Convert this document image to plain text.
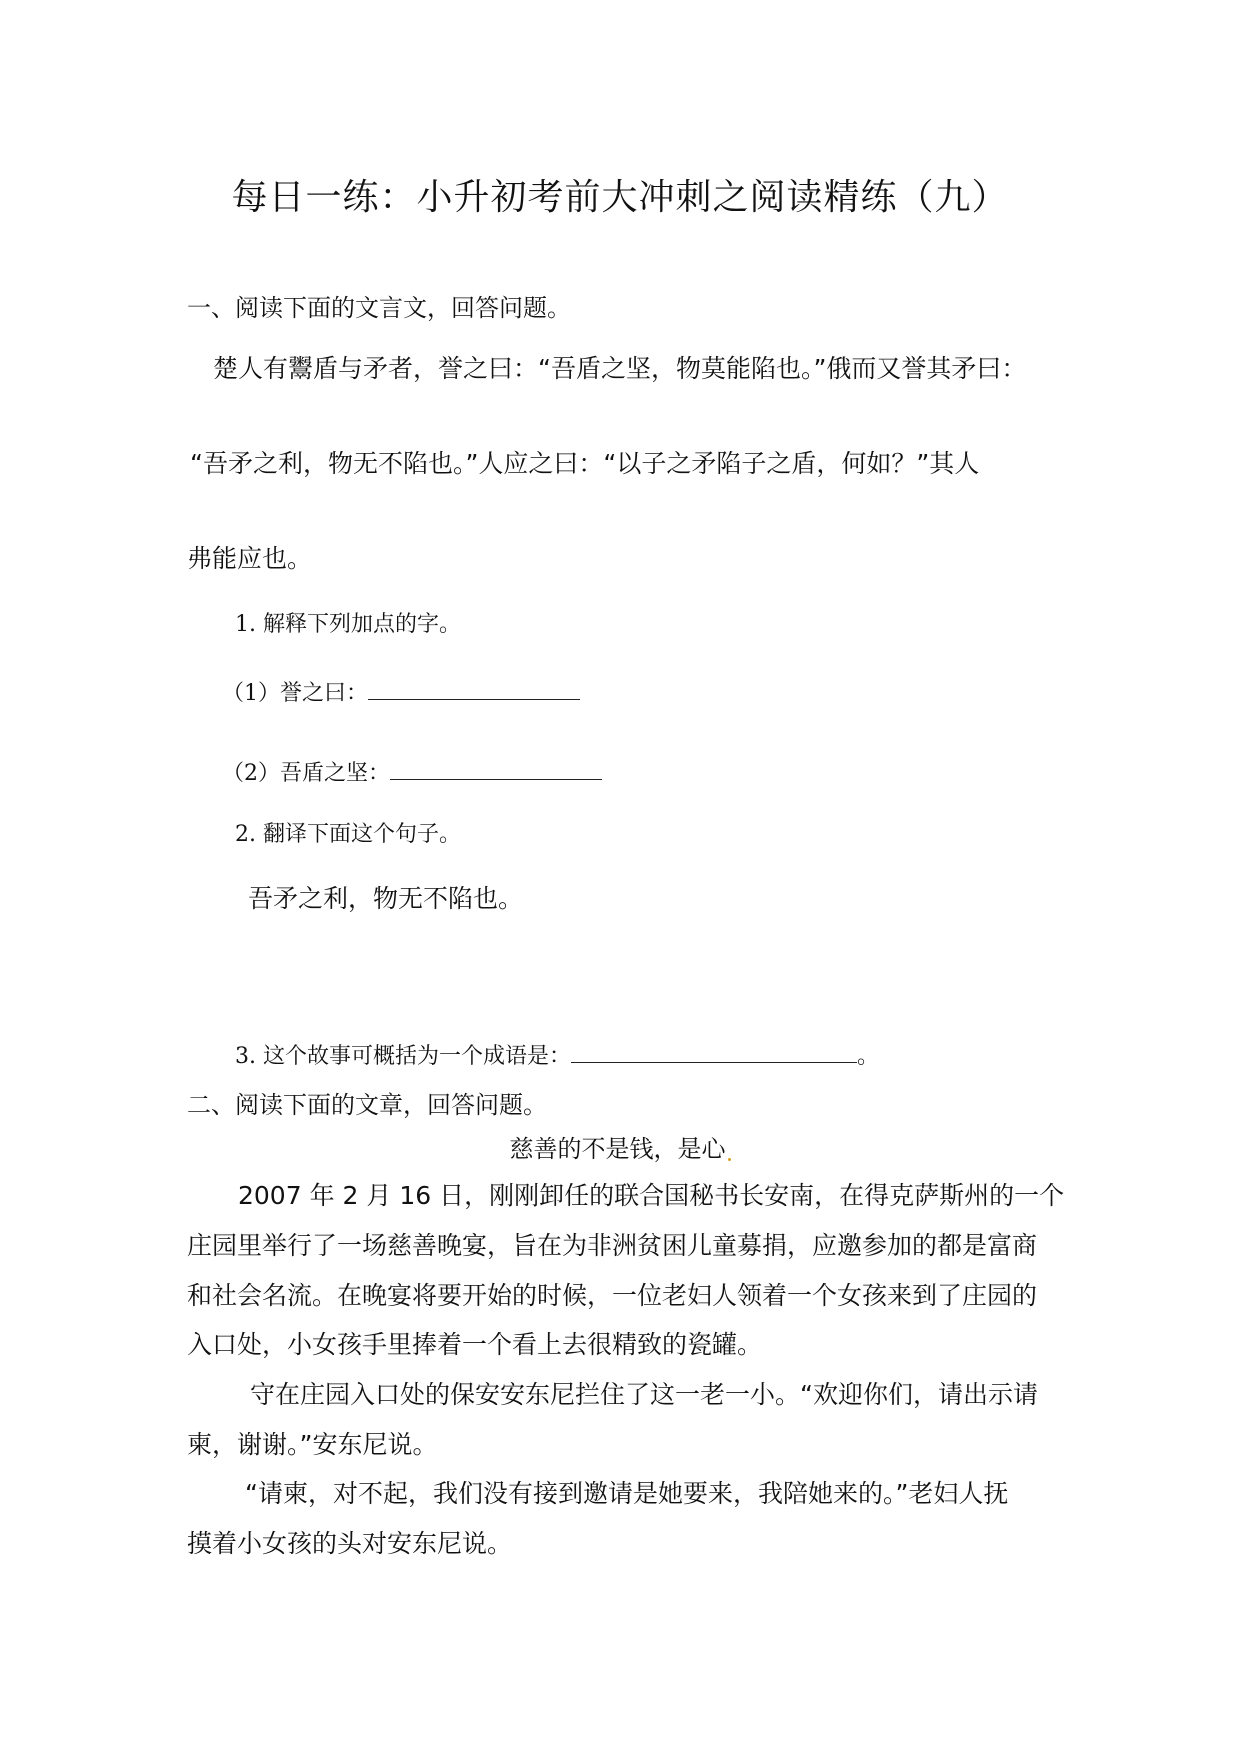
每日一练：小升初考前大冲刺之阅读精练（九）
一、阅读下面的文言文，回答问题。
楚人有鬻盾与矛者，誉之曰：“吾盾之坚，物莫能陷也。”俄而又誉其矛曰：
“吾矛之利，物无不陷也。”人应之曰：“以子之矛陷子之盾，何如？”其人
弗能应也。
1. 解释下列加点的字。
（1）誉之曰：
（2）吾盾之坚：
2. 翻译下面这个句子。
吾矛之利，物无不陷也。
3. 这个故事可概括为一个成语是：	。
二、阅读下面的文章，回答问题。
慈善的不是钱，是心
2007 年 2 月 16 日，刚刚卸任的联合国秘书长安南，在得克萨斯州的一个
庄园里举行了一场慈善晚宴，旨在为非洲贫困儿童募捐，应邀参加的都是富商
和社会名流。在晚宴将要开始的时候，一位老妇人领着一个女孩来到了庄园的
入口处，小女孩手里捧着一个看上去很精致的瓷罐。
守在庄园入口处的保安安东尼拦住了这一老一小。“欢迎你们，请出示请
柬，谢谢。”安东尼说。
“请柬，对不起，我们没有接到邀请是她要来，我陪她来的。”老妇人抚
摸着小女孩的头对安东尼说。
